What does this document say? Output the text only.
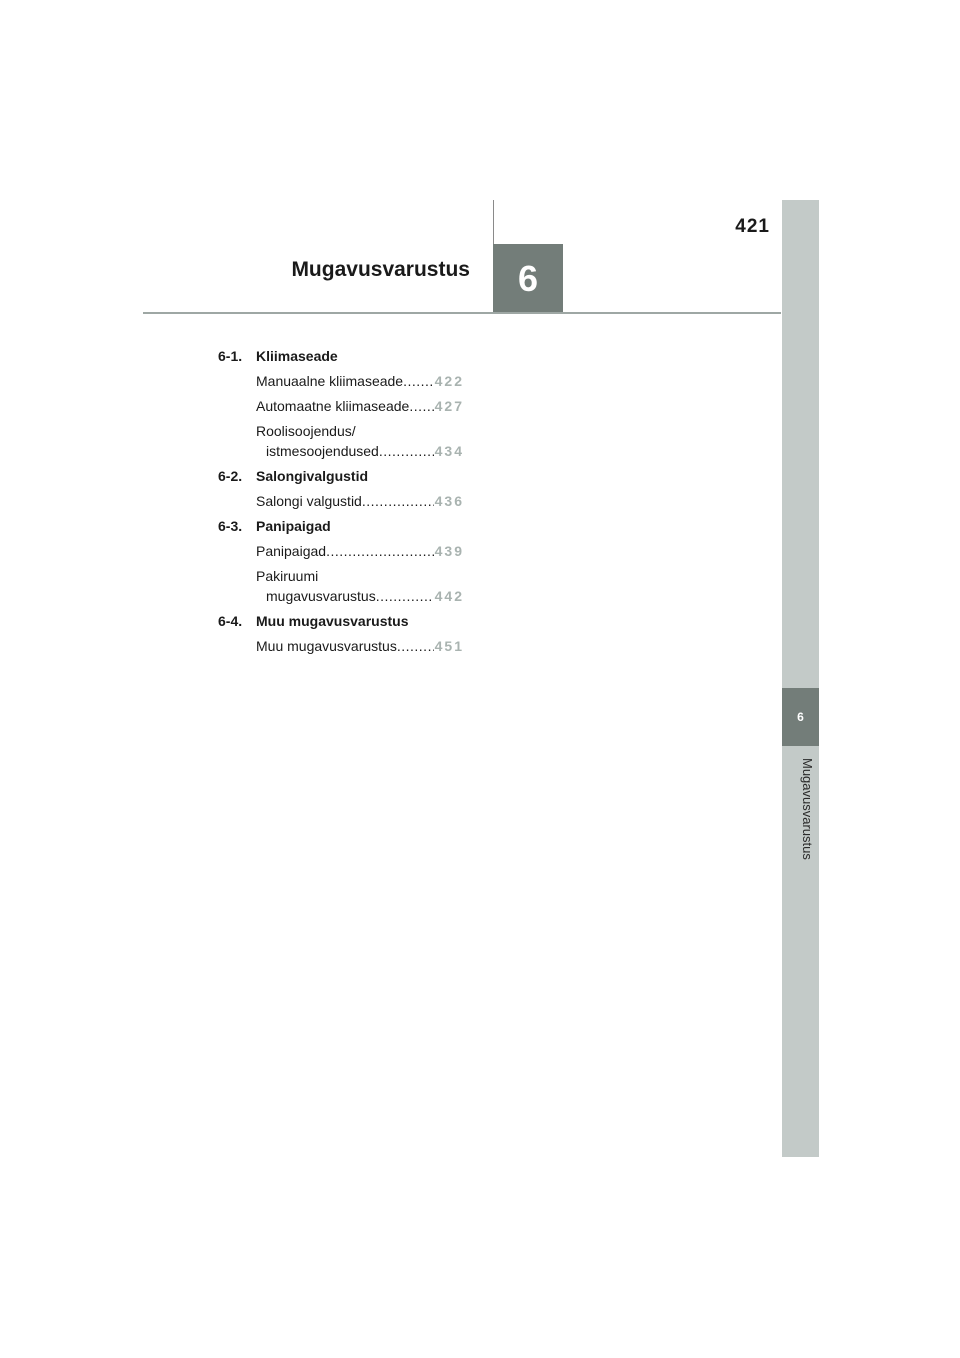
421
Mugavusvarustus	6
6
Mugavusvarustus
6-1. Kliimaseade
Manuaalne kliimaseade ..... 422
Automaatne kliimaseade ..... 427
Roolisoojendus/
istmesoojendused .....	434
6-2. Salongivalgustid
Salongi valgustid .....	436
6-3. Panipaigad
Panipaigad .....	439
Pakiruumi
mugavusvarustus .....	442
6-4. Muu mugavusvarustus
Muu mugavusvarustus .....	451
